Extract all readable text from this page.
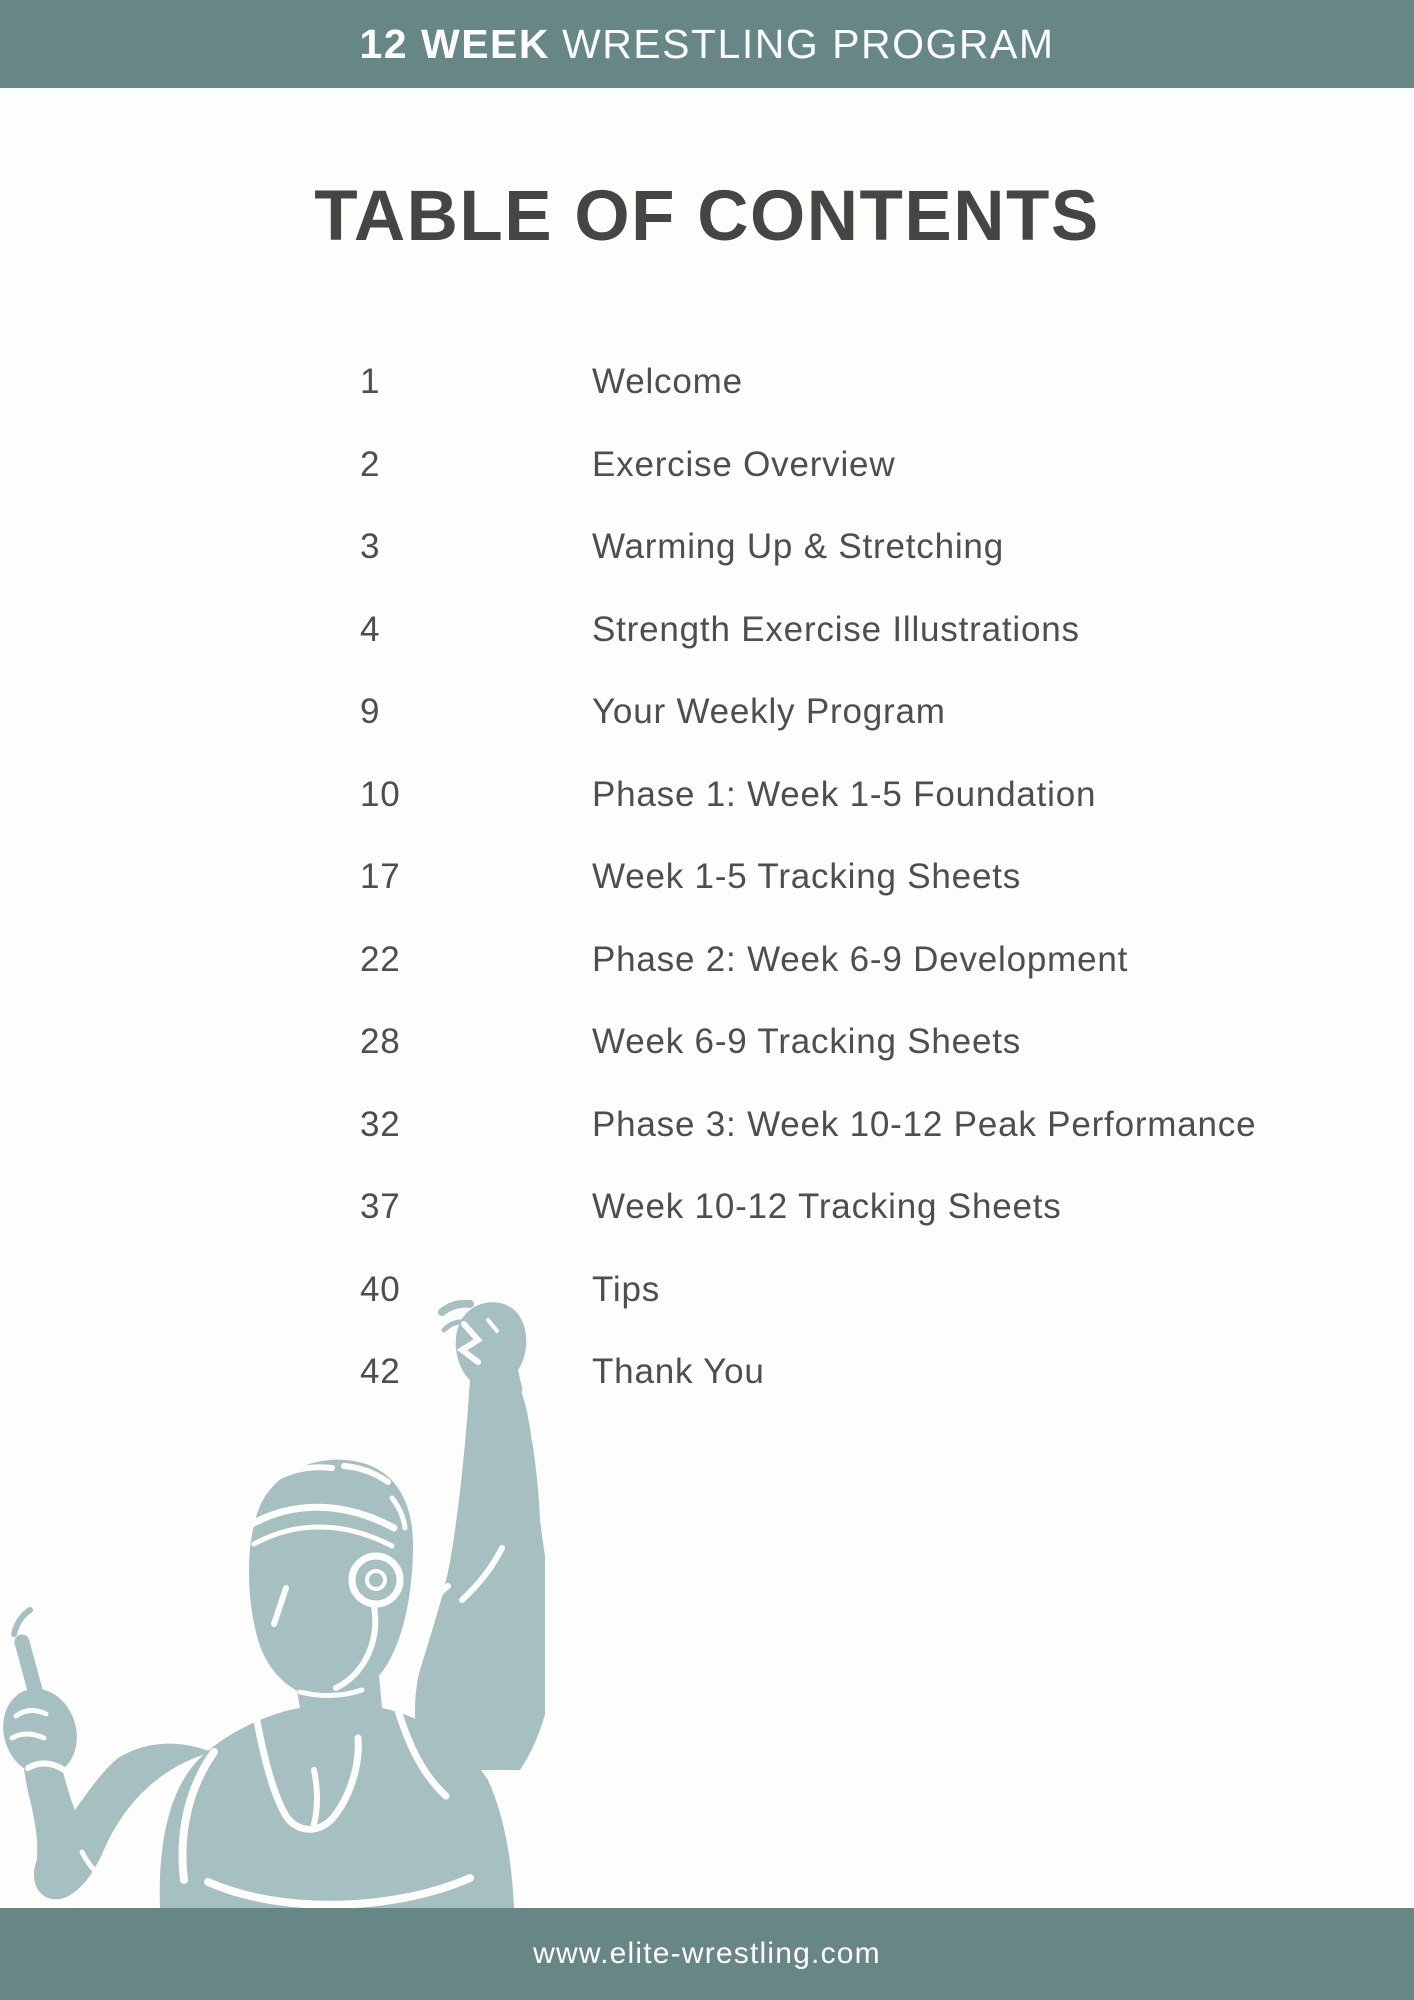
12 WEEK WRESTLING PROGRAM
TABLE OF CONTENTS
1	Welcome
2	Exercise Overview
3	Warming Up & Stretching
4	Strength Exercise Illustrations
9	Your Weekly Program
10	Phase 1: Week 1-5 Foundation
17	Week 1-5 Tracking Sheets
22	Phase 2: Week 6-9 Development
28	Week 6-9 Tracking Sheets
32	Phase 3: Week 10-12 Peak Performance
37	Week 10-12 Tracking Sheets
40	Tips
42	Thank You
www.elite-wrestling.com
